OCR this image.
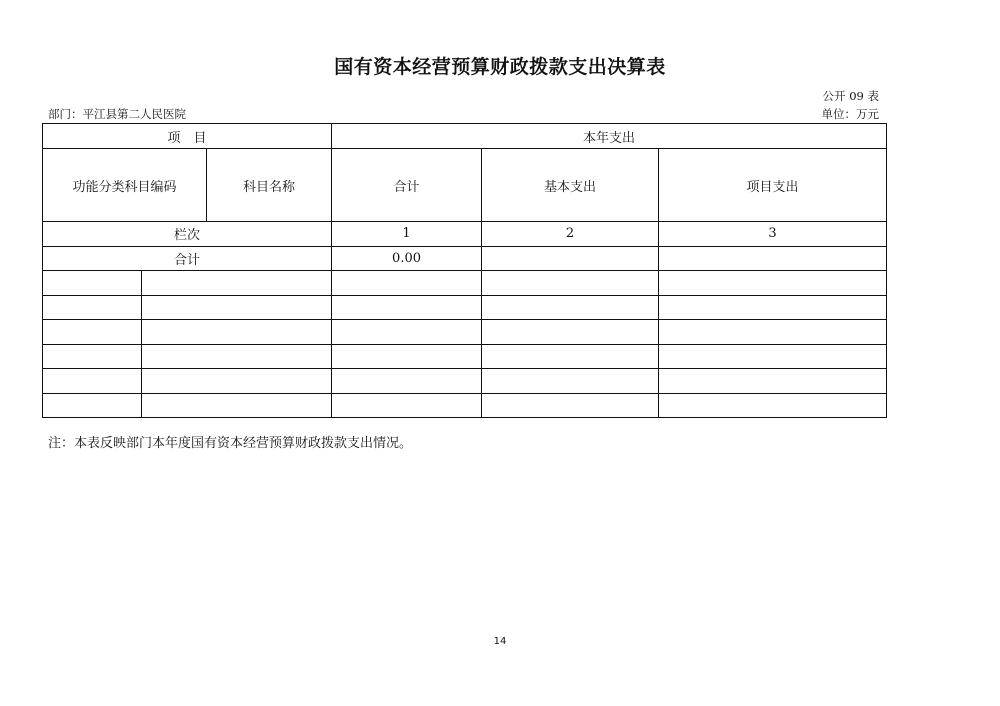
国有资本经营预算财政拨款支出决算表
公开 09 表
部门：平江县第二人民医院	单位：万元
项　目			本年支出		
功能分类科目编码		科目名称	合计	基本支出	项目支出
栏次			1	2	3
合计			0.00		

注：本表反映部门本年度国有资本经营预算财政拨款支出情况。
14
